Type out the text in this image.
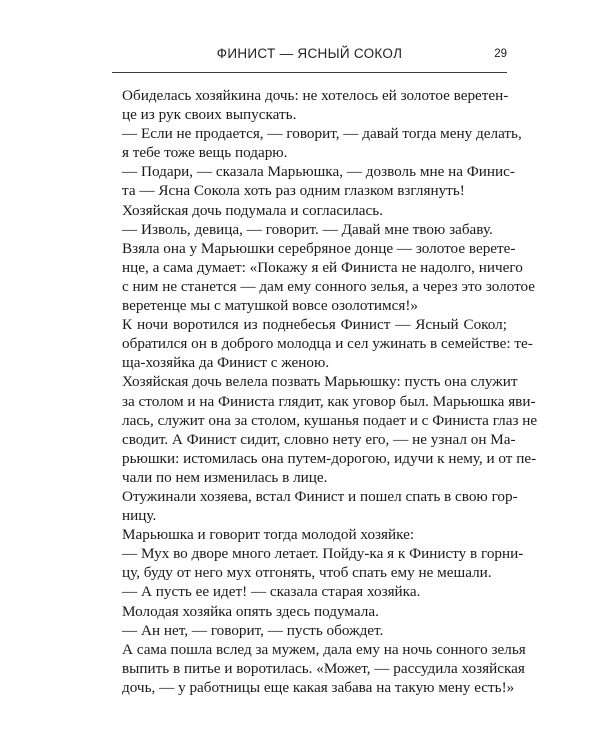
ФИНИСТ — ЯСНЫЙ СОКОЛ	29
Обиделась хозяйкина дочь: не хотелось ей золотое веретен-
це из рук своих выпускать.
— Если не продается, — говорит, — давай тогда мену делать,
я тебе тоже вещь подарю.
— Подари, — сказала Марьюшка, — дозволь мне на Финис-
та — Ясна Сокола хоть раз одним глазком взглянуть!
Хозяйская дочь подумала и согласилась.
— Изволь, девица, — говорит. — Давай мне твою забаву.
Взяла она у Марьюшки серебряное донце — золотое верете-
нце, а сама думает: «Покажу я ей Финиста не надолго, ничего
с ним не станется — дам ему сонного зелья, а через это золотое
веретенце мы с матушкой вовсе озолотимся!»
К ночи воротился из поднебесья Финист — Ясный Сокол;
обратился он в доброго молодца и сел ужинать в семействе: те-
ща-хозяйка да Финист с женою.
Хозяйская дочь велела позвать Марьюшку: пусть она служит
за столом и на Финиста глядит, как уговор был. Марьюшка яви-
лась, служит она за столом, кушанья подает и с Финиста глаз не
сводит. А Финист сидит, словно нету его, — не узнал он Ма-
рьюшки: истомилась она путем-дорогою, идучи к нему, и от пе-
чали по нем изменилась в лице.
Отужинали хозяева, встал Финист и пошел спать в свою гор-
ницу.
Марьюшка и говорит тогда молодой хозяйке:
— Мух во дворе много летает. Пойду-ка я к Финисту в горни-
цу, буду от него мух отгонять, чтоб спать ему не мешали.
— А пусть ее идет! — сказала старая хозяйка.
Молодая хозяйка опять здесь подумала.
— Ан нет, — говорит, — пусть обождет.
А сама пошла вслед за мужем, дала ему на ночь сонного зелья
выпить в питье и воротилась. «Может, — рассудила хозяйская
дочь, — у работницы еще какая забава на такую мену есть!»
